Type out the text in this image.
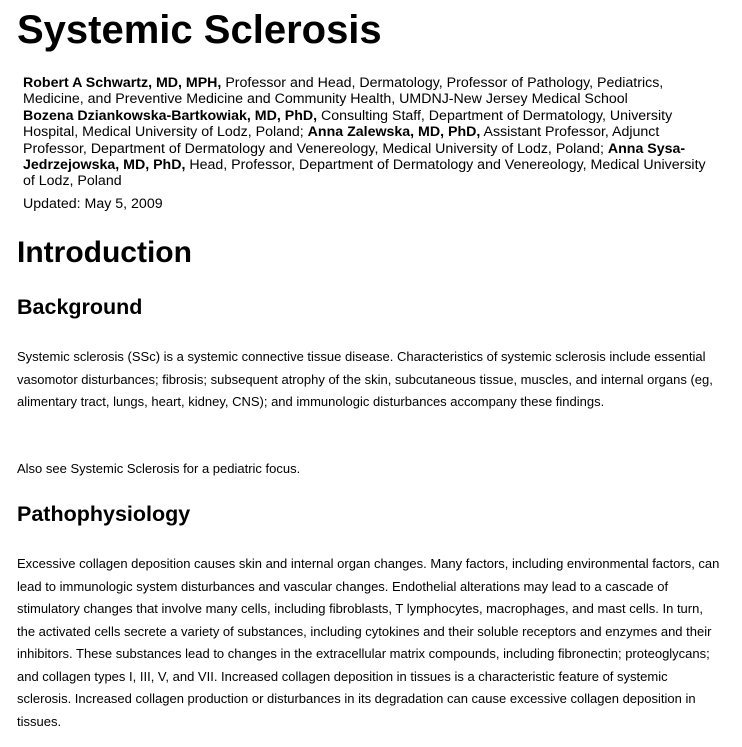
Systemic Sclerosis
Robert A Schwartz, MD, MPH, Professor and Head, Dermatology, Professor of Pathology, Pediatrics, Medicine, and Preventive Medicine and Community Health, UMDNJ-New Jersey Medical School
Bozena Dziankowska-Bartkowiak, MD, PhD, Consulting Staff, Department of Dermatology, University Hospital, Medical University of Lodz, Poland; Anna Zalewska, MD, PhD, Assistant Professor, Adjunct Professor, Department of Dermatology and Venereology, Medical University of Lodz, Poland; Anna Sysa-Jedrzejowska, MD, PhD, Head, Professor, Department of Dermatology and Venereology, Medical University of Lodz, Poland
Updated: May 5, 2009
Introduction
Background

Systemic sclerosis (SSc) is a systemic connective tissue disease. Characteristics of systemic sclerosis include essential vasomotor disturbances; fibrosis; subsequent atrophy of the skin, subcutaneous tissue, muscles, and internal organs (eg, alimentary tract, lungs, heart, kidney, CNS); and immunologic disturbances accompany these findings.

Also see Systemic Sclerosis for a pediatric focus.

Pathophysiology

Excessive collagen deposition causes skin and internal organ changes. Many factors, including environmental factors, can lead to immunologic system disturbances and vascular changes. Endothelial alterations may lead to a cascade of stimulatory changes that involve many cells, including fibroblasts, T lymphocytes, macrophages, and mast cells. In turn, the activated cells secrete a variety of substances, including cytokines and their soluble receptors and enzymes and their inhibitors. These substances lead to changes in the extracellular matrix compounds, including fibronectin; proteoglycans; and collagen types I, III, V, and VII. Increased collagen deposition in tissues is a characteristic feature of systemic sclerosis. Increased collagen production or disturbances in its degradation can cause excessive collagen deposition in tissues.
